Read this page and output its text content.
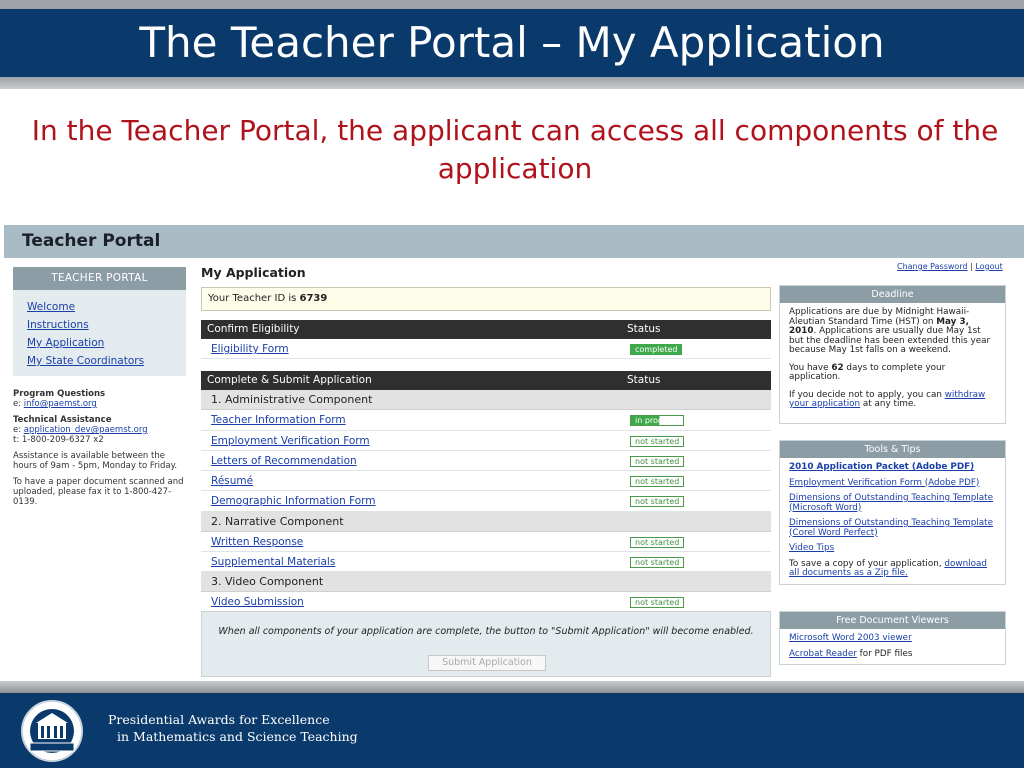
The Teacher Portal – My Application
In the Teacher Portal, the applicant can access all components of the application
Teacher Portal
Change Password | Logout
TEACHER PORTAL
Welcome
Instructions
My Application
My State Coordinators
Program Questions
e: info@paemst.org
Technical Assistance
e: application_dev@paemst.org
t: 1-800-209-6327 x2
Assistance is available between the hours of 9am - 5pm, Monday to Friday.
To have a paper document scanned and uploaded, please fax it to 1-800-427-0139.
My Application
Your Teacher ID is 6739
Confirm Eligibility	Status
Eligibility Form	completed
Complete & Submit Application	Status
1. Administrative Component
Teacher Information Form	in progress
Employment Verification Form	not started
Letters of Recommendation	not started
Résumé	not started
Demographic Information Form	not started
2. Narrative Component
Written Response	not started
Supplemental Materials	not started
3. Video Component
Video Submission	not started
When all components of your application are complete, the button to "Submit Application" will become enabled.
Submit Application
Deadline

Applications are due by Midnight Hawaii-Aleutian Standard Time (HST) on May 3, 2010. Applications are usually due May 1st but the deadline has been extended this year because May 1st falls on a weekend.

You have 62 days to complete your application.

If you decide not to apply, you can withdraw your application at any time.

Tools & Tips
2010 Application Packet (Adobe PDF)
Employment Verification Form (Adobe PDF)
Dimensions of Outstanding Teaching Template (Microsoft Word)
Dimensions of Outstanding Teaching Template (Corel Word Perfect)
Video Tips

To save a copy of your application, download all documents as a Zip file.

Free Document Viewers
Microsoft Word 2003 viewer

Acrobat Reader for PDF files

Presidential Awards for Excellence
in Mathematics and Science Teaching
